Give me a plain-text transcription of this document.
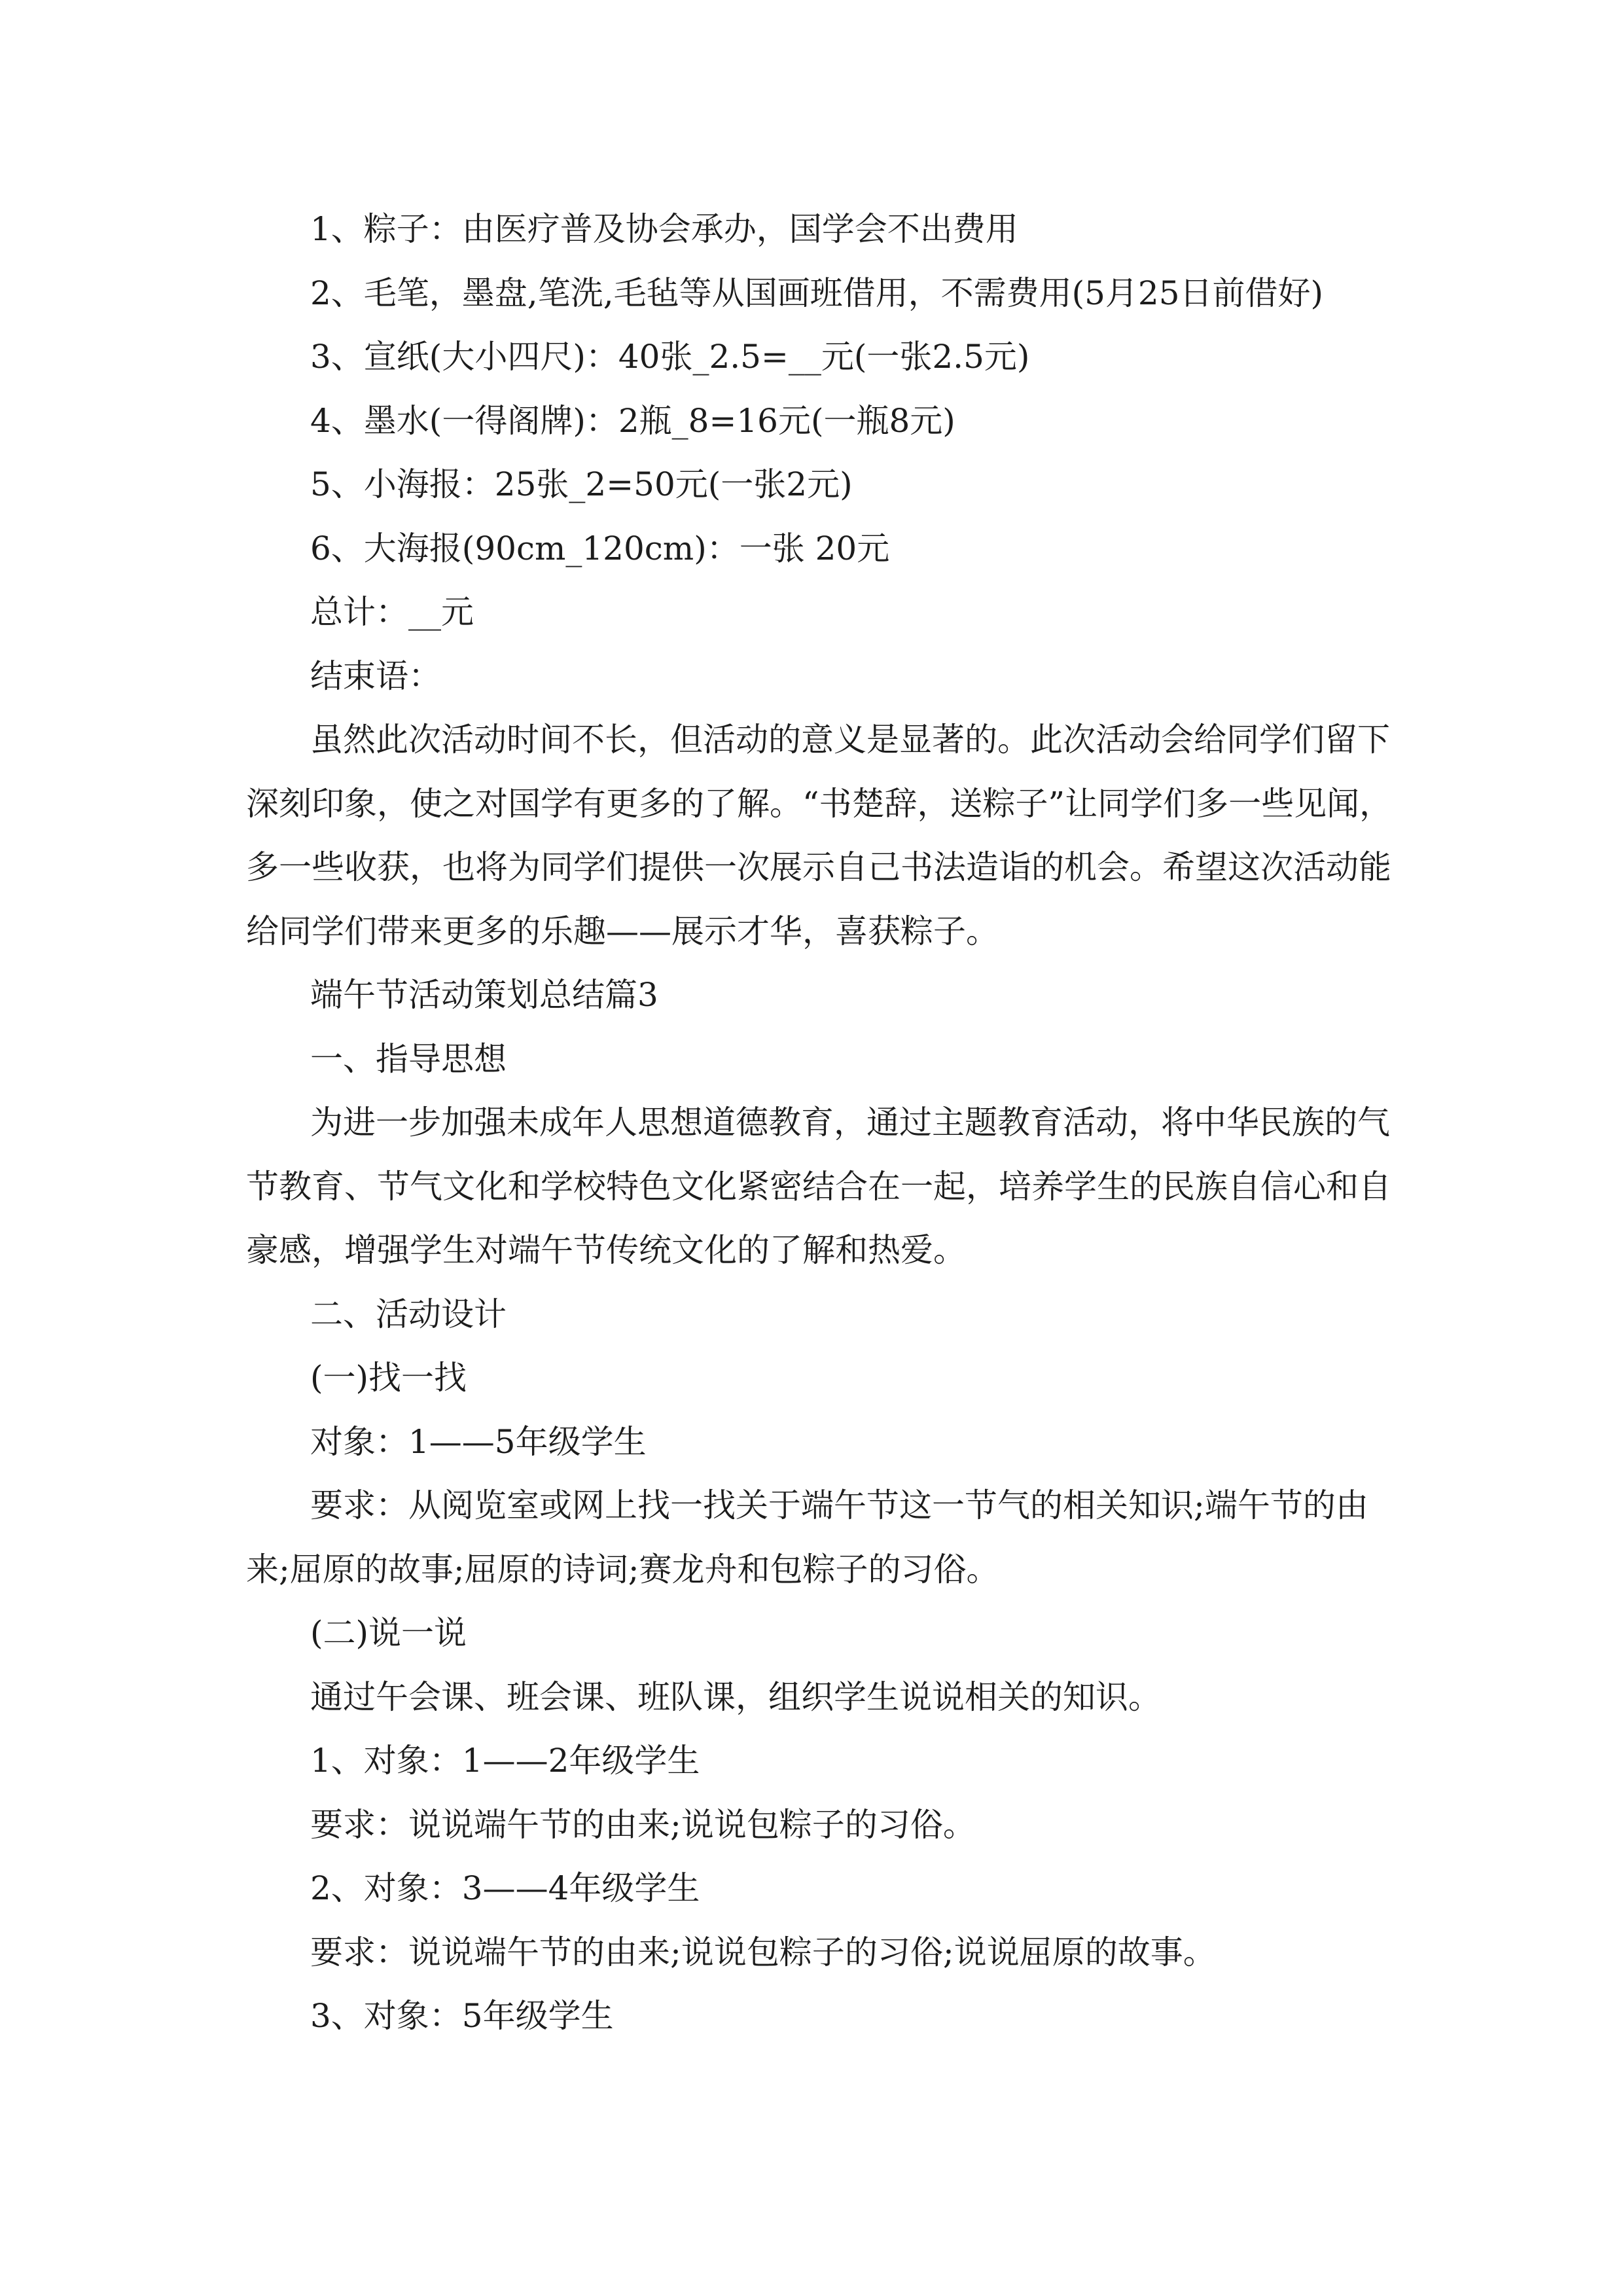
1、粽子：由医疗普及协会承办，国学会不出费用
2、毛笔，墨盘,笔洗,毛毡等从国画班借用，不需费用(5月25日前借好)
3、宣纸(大小四尺)：40张_2.5=__元(一张2.5元)
4、墨水(一得阁牌)：2瓶_8=16元(一瓶8元)
5、小海报：25张_2=50元(一张2元)
6、大海报(90cm_120cm)：一张 20元
总计：__元
结束语：
虽然此次活动时间不长，但活动的意义是显著的。此次活动会给同学们留下
深刻印象，使之对国学有更多的了解。“书楚辞，送粽子”让同学们多一些见闻，
多一些收获，也将为同学们提供一次展示自己书法造诣的机会。希望这次活动能
给同学们带来更多的乐趣——展示才华，喜获粽子。
端午节活动策划总结篇3
一、指导思想
为进一步加强未成年人思想道德教育，通过主题教育活动，将中华民族的气
节教育、节气文化和学校特色文化紧密结合在一起，培养学生的民族自信心和自
豪感，增强学生对端午节传统文化的了解和热爱。
二、活动设计
(一)找一找
对象：1——5年级学生
要求：从阅览室或网上找一找关于端午节这一节气的相关知识;端午节的由
来;屈原的故事;屈原的诗词;赛龙舟和包粽子的习俗。
(二)说一说
通过午会课、班会课、班队课，组织学生说说相关的知识。
1、对象：1——2年级学生
要求：说说端午节的由来;说说包粽子的习俗。
2、对象：3——4年级学生
要求：说说端午节的由来;说说包粽子的习俗;说说屈原的故事。
3、对象：5年级学生
